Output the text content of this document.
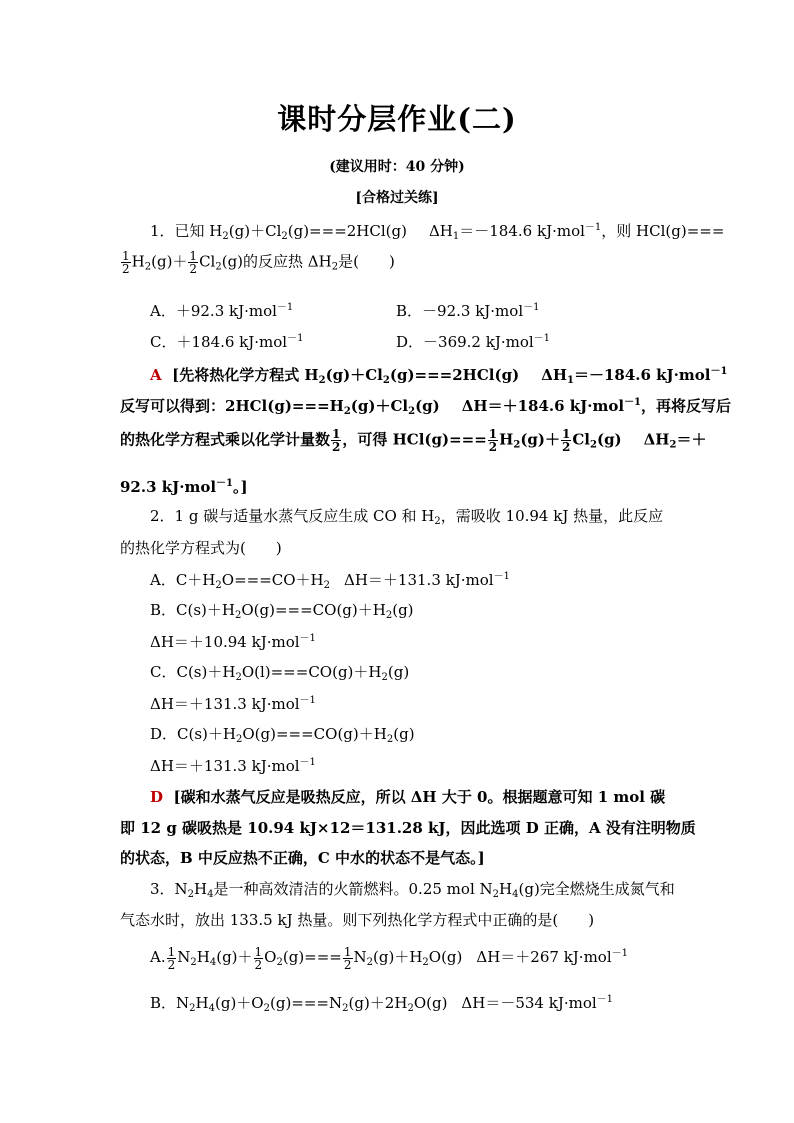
课时分层作业(二)
(建议用时：40 分钟)
[合格过关练]
1．已知 $H_2(g)+Cl_2(g)===2HCl(g)$ $\Delta H_1=-184.6$ kJ·mol$^{-1}$，则 HCl(g)===
$\frac{1}{2} H_2(g)+ \frac{1}{2} Cl_2(g)$的反应热 $\Delta H_2$是(　　)
A．＋92.3 kJ·mol$^{-1}$	B．－92.3 kJ·mol$^{-1}$
C．＋184.6 kJ·mol$^{-1}$	D．－369.2 kJ·mol$^{-1}$
A [先将热化学方程式 $H_2(g)+Cl_2(g)===2HCl(g)$ $\Delta H_1=-184.6$ kJ·mol$^{-1}$
反写可以得到：$2HCl(g)===H_2(g)+Cl_2(g)$ ΔH＝＋184.6 kJ·mol$^{-1}$，再将反写后
的热化学方程式乘以化学计量数 $\frac{1}{2}$ ，可得 $HCl(g)=== \frac{1}{2} H_2(g)+ \frac{1}{2} Cl_2(g)$ $\Delta H_2=+$
92.3 kJ·mol$^{-1}$。]
2．1 g 碳与适量水蒸气反应生成 CO 和 $H_2$，需吸收 10.94 kJ 热量，此反应
的热化学方程式为(　　)
A．$C+H_2O===CO+H_2$ ΔH＝＋131.3 kJ·mol$^{-1}$
B．$C(s)+H_2O(g)===CO(g)+H_2(g)$
ΔH＝＋10.94 kJ·mol$^{-1}$
C．$C(s)+H_2O(l)===CO(g)+H_2(g)$
ΔH＝＋131.3 kJ·mol$^{-1}$
D．$C(s)+H_2O(g)===CO(g)+H_2(g)$
ΔH＝＋131.3 kJ·mol$^{-1}$
D [碳和水蒸气反应是吸热反应，所以 ΔH 大于 0。根据题意可知 1 mol 碳
即 12 g 碳吸热是 10.94 kJ×12＝131.28 kJ，因此选项 D 正确，A 没有注明物质
的状态，B 中反应热不正确，C 中水的状态不是气态。]
3．$N_2H_4$是一种高效清洁的火箭燃料。0.25 mol $N_2H_4(g)$完全燃烧生成氮气和
气态水时，放出 133.5 kJ 热量。则下列热化学方程式中正确的是(　　)
A. $\frac{1}{2} N_2H_4(g)+ \frac{1}{2} O_2(g)=== \frac{1}{2} N_2(g)+H_2O(g)$ ΔH＝＋267 kJ·mol$^{-1}$
B．$N_2H_4(g)+O_2(g)===N_2(g)+2H_2O(g)$ ΔH＝－534 kJ·mol$^{-1}$
